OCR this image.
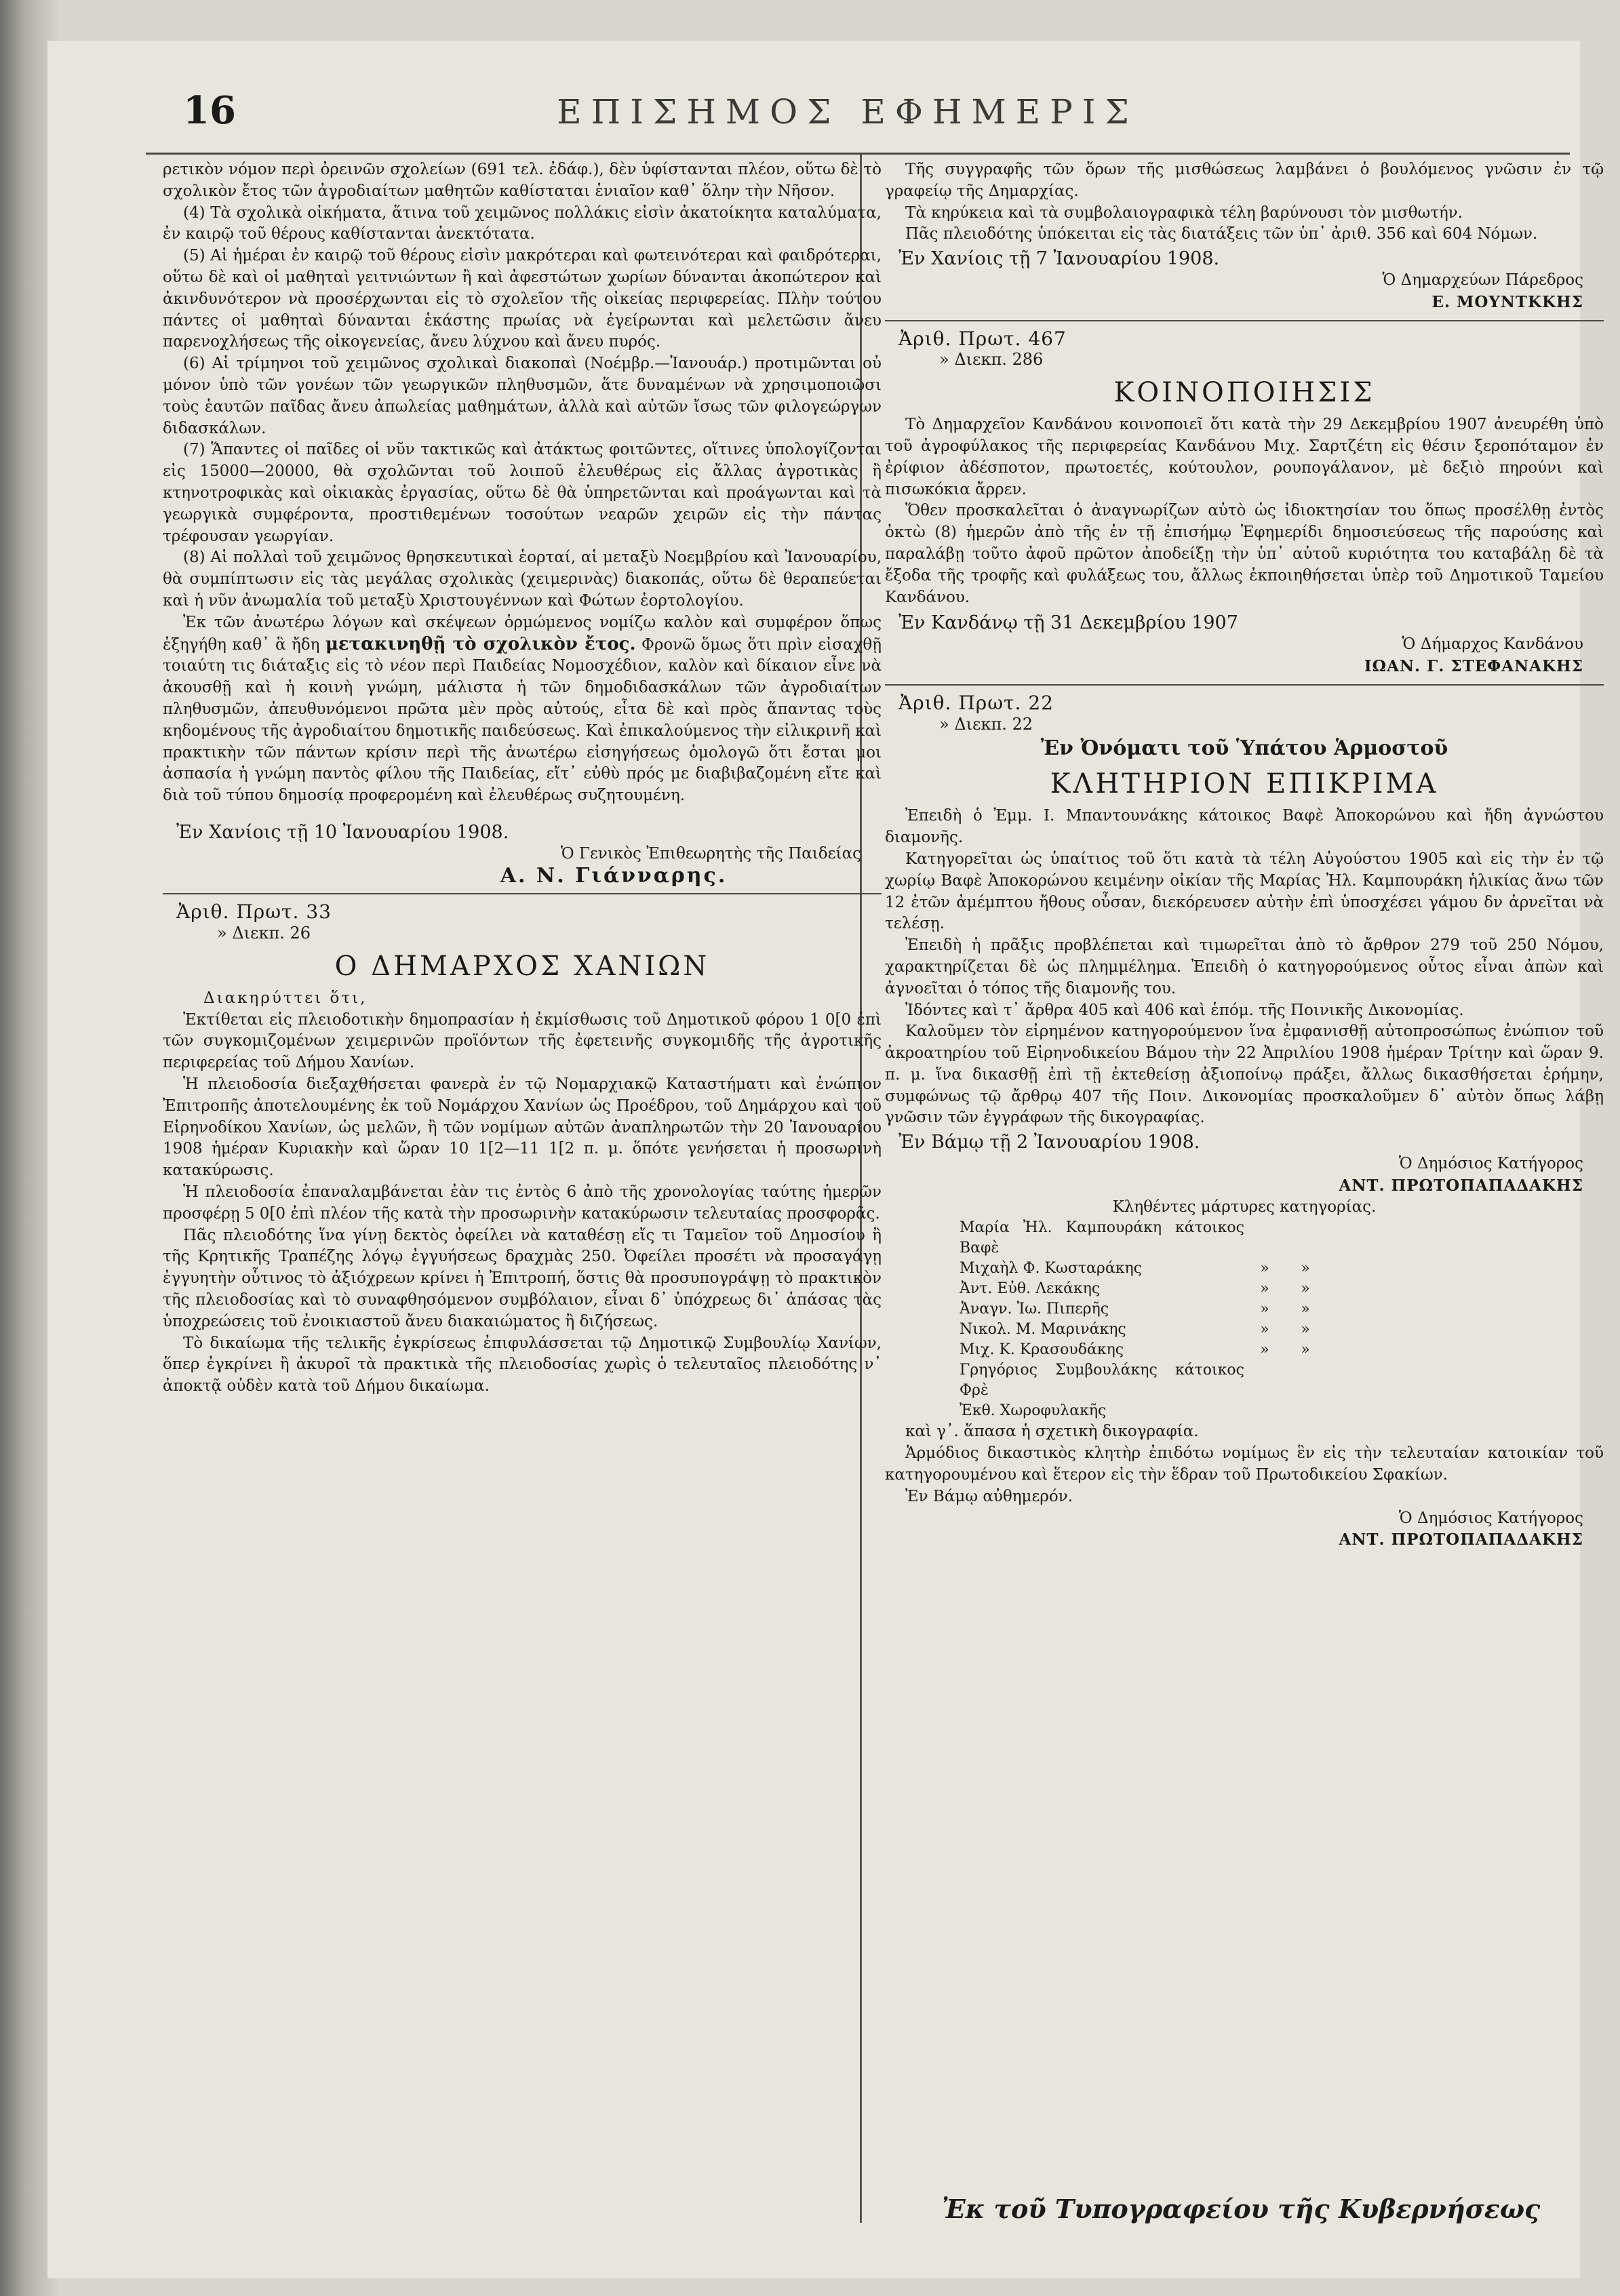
16	ΕΠΙΣΗΜΟΣ ΕΦΗΜΕΡΙΣ

ρετικὸν νόμον περὶ ὀρεινῶν σχολείων (691 τελ. ἐδάφ.), δὲν ὑφίστανται πλέον, οὕτω δὲ τὸ σχολικὸν ἔτος τῶν ἀγροδιαίτων μαθητῶν καθίσταται ἑνιαῖον καθ᾽ ὅλην τὴν Νῆσον.

(4) Τὰ σχολικὰ οἰκήματα, ἅτινα τοῦ χειμῶνος πολλάκις εἰσὶν ἀκατοίκητα καταλύματα, ἐν καιρῷ τοῦ θέρους καθίστανται ἀνεκτότατα.

(5) Αἱ ἡμέραι ἐν καιρῷ τοῦ θέρους εἰσὶν μακρότεραι καὶ φωτεινότεραι καὶ φαιδρότεραι, οὕτω δὲ καὶ οἱ μαθηταὶ γειτνιώντων ἢ καὶ ἀφεστώτων χωρίων δύνανται ἀκοπώτερον καὶ ἀκινδυνότερον νὰ προσέρχωνται εἰς τὸ σχολεῖον τῆς οἰκείας περιφερείας. Πλὴν τούτου πάντες οἱ μαθηταὶ δύνανται ἑκάστης πρωίας νὰ ἐγείρωνται καὶ μελετῶσιν ἄνευ παρενοχλήσεως τῆς οἰκογενείας, ἄνευ λύχνου καὶ ἄνευ πυρός.

(6) Αἱ τρίμηνοι τοῦ χειμῶνος σχολικαὶ διακοπαὶ (Νοέμβρ.—Ἰανουάρ.) προτιμῶνται οὐ μόνον ὑπὸ τῶν γονέων τῶν γεωργικῶν πληθυσμῶν, ἅτε δυναμένων νὰ χρησιμοποιῶσι τοὺς ἑαυτῶν παῖδας ἄνευ ἀπωλείας μαθημάτων, ἀλλὰ καὶ αὐτῶν ἴσως τῶν φιλογεώργων διδασκάλων.

(7) Ἅπαντες οἱ παῖδες οἱ νῦν τακτικῶς καὶ ἀτάκτως φοιτῶντες, οἵτινες ὑπολογίζονται εἰς 15000—20000, θὰ σχολῶνται τοῦ λοιποῦ ἐλευθέρως εἰς ἄλλας ἀγροτικὰς ἢ κτηνοτροφικὰς καὶ οἰκιακὰς ἐργασίας, οὕτω δὲ θὰ ὑπηρετῶνται καὶ προάγωνται καὶ τὰ γεωργικὰ συμφέροντα, προστιθεμένων τοσούτων νεαρῶν χειρῶν εἰς τὴν πάντας τρέφουσαν γεωργίαν.

(8) Αἱ πολλαὶ τοῦ χειμῶνος θρησκευτικαὶ ἑορταί, αἱ μεταξὺ Νοεμβρίου καὶ Ἰανουαρίου, θὰ συμπίπτωσιν εἰς τὰς μεγάλας σχολικὰς (χειμερινὰς) διακοπάς, οὕτω δὲ θεραπεύεται καὶ ἡ νῦν ἀνωμαλία τοῦ μεταξὺ Χριστουγέννων καὶ Φώτων ἑορτολογίου.

Ἐκ τῶν ἀνωτέρω λόγων καὶ σκέψεων ὁρμώμενος νομίζω καλὸν καὶ συμφέρον ὅπως ἐξηγήθη καθ᾽ ἃ ἤδη μετακινηθῇ τὸ σχολικὸν ἔτος. Φρονῶ ὅμως ὅτι πρὶν εἰσαχθῇ τοιαύτη τις διάταξις εἰς τὸ νέον περὶ Παιδείας Νομοσχέδιον, καλὸν καὶ δίκαιον εἶνε νὰ ἀκουσθῇ καὶ ἡ κοινὴ γνώμη, μάλιστα ἡ τῶν δημοδιδασκάλων τῶν ἀγροδιαίτων πληθυσμῶν, ἀπευθυνόμενοι πρῶτα μὲν πρὸς αὐτούς, εἶτα δὲ καὶ πρὸς ἅπαντας τοὺς κηδομένους τῆς ἀγροδιαίτου δημοτικῆς παιδεύσεως. Καὶ ἐπικαλούμενος τὴν εἰλικρινῆ καὶ πρακτικὴν τῶν πάντων κρίσιν περὶ τῆς ἀνωτέρω εἰσηγήσεως ὁμολογῶ ὅτι ἔσται μοι ἀσπασία ἡ γνώμη παντὸς φίλου τῆς Παιδείας, εἴτ᾽ εὐθὺ πρός με διαβιβαζομένη εἴτε καὶ διὰ τοῦ τύπου δημοσίᾳ προφερομένη καὶ ἐλευθέρως συζητουμένη.

Ἐν Χανίοις τῇ 10 Ἰανουαρίου 1908.

Ὁ Γενικὸς Ἐπιθεωρητὴς τῆς Παιδείας

Α. Ν. Γιάνναρης.

Ἀριθ. Πρωτ. 33

» Διεκπ. 26

Ο ΔΗΜΑΡΧΟΣ ΧΑΝΙΩΝ

Διακηρύττει ὅτι,

Ἐκτίθεται εἰς πλειοδοτικὴν δημοπρασίαν ἡ ἐκμίσθωσις τοῦ Δημοτικοῦ φόρου 1 0[0 ἐπὶ τῶν συγκομιζομένων χειμερινῶν προϊόντων τῆς ἐφετεινῆς συγκομιδῆς τῆς ἀγροτικῆς περιφερείας τοῦ Δήμου Χανίων.

Ἡ πλειοδοσία διεξαχθήσεται φανερὰ ἐν τῷ Νομαρχιακῷ Καταστήματι καὶ ἐνώπιον Ἐπιτροπῆς ἀποτελουμένης ἐκ τοῦ Νομάρχου Χανίων ὡς Προέδρου, τοῦ Δημάρχου καὶ τοῦ Εἰρηνοδίκου Χανίων, ὡς μελῶν, ἢ τῶν νομίμων αὐτῶν ἀναπληρωτῶν τὴν 20 Ἰανουαρίου 1908 ἡμέραν Κυριακὴν καὶ ὥραν 10 1[2—11 1[2 π. μ. ὅπότε γενήσεται ἡ προσωρινὴ κατακύρωσις.

Ἡ πλειοδοσία ἐπαναλαμβάνεται ἐὰν τις ἐντὸς 6 ἀπὸ τῆς χρονολογίας ταύτης ἡμερῶν προσφέρῃ 5 0[0 ἐπὶ πλέον τῆς κατὰ τὴν προσωρινὴν κατακύρωσιν τελευταίας προσφορᾶς.

Πᾶς πλειοδότης ἵνα γίνῃ δεκτὸς ὀφείλει νὰ καταθέσῃ εἴς τι Ταμεῖον τοῦ Δημοσίου ἢ τῆς Κρητικῆς Τραπέζης λόγῳ ἐγγυήσεως δραχμὰς 250. Ὀφείλει προσέτι νὰ προσαγάγῃ ἐγγυητὴν οὗτινος τὸ ἀξιόχρεων κρίνει ἡ Ἐπιτροπή, ὅστις θὰ προσυπογράψῃ τὸ πρακτικὸν τῆς πλειοδοσίας καὶ τὸ συναφθησόμενον συμβόλαιον, εἶναι δ᾽ ὑπόχρεως δι᾽ ἁπάσας τὰς ὑποχρεώσεις τοῦ ἐνοικιαστοῦ ἄνευ διακαιώματος ἢ διζήσεως.

Τὸ δικαίωμα τῆς τελικῆς ἐγκρίσεως ἐπιφυλάσσεται τῷ Δημοτικῷ Συμβουλίῳ Χανίων, ὅπερ ἐγκρίνει ἢ ἀκυροῖ τὰ πρακτικὰ τῆς πλειοδοσίας χωρὶς ὁ τελευταῖος πλειοδότης ν᾽ ἀποκτᾷ οὐδὲν κατὰ τοῦ Δήμου δικαίωμα.

Τῆς συγγραφῆς τῶν ὅρων τῆς μισθώσεως λαμβάνει ὁ βουλόμενος γνῶσιν ἐν τῷ γραφείῳ τῆς Δημαρχίας.

Τὰ κηρύκεια καὶ τὰ συμβολαιογραφικὰ τέλη βαρύνουσι τὸν μισθωτήν.

Πᾶς πλειοδότης ὑπόκειται εἰς τὰς διατάξεις τῶν ὑπ᾽ ἀριθ. 356 καὶ 604 Νόμων.

Ἐν Χανίοις τῇ 7 Ἰανουαρίου 1908.

Ὁ Δημαρχεύων Πάρεδρος

Ε. ΜΟΥΝΤΚΚΗΣ

Ἀριθ. Πρωτ. 467

» Διεκπ. 286

ΚΟΙΝΟΠΟΙΗΣΙΣ

Τὸ Δημαρχεῖον Κανδάνου κοινοποιεῖ ὅτι κατὰ τὴν 29 Δεκεμβρίου 1907 ἀνευρέθη ὑπὸ τοῦ ἀγροφύλακος τῆς περιφερείας Κανδάνου Μιχ. Σαρτζέτη εἰς θέσιν ξεροπόταμον ἐν ἐρίφιον ἀδέσποτον, πρωτοετές, κούτουλον, ρουπογάλανον, μὲ δεξιὸ πηρούνι καὶ πισωκόκια ἄρρεν.

Ὅθεν προσκαλεῖται ὁ ἀναγνωρίζων αὐτὸ ὡς ἰδιοκτησίαν του ὅπως προσέλθῃ ἐντὸς ὀκτὼ (8) ἡμερῶν ἀπὸ τῆς ἐν τῇ ἐπισήμῳ Ἐφημερίδι δημοσιεύσεως τῆς παρούσης καὶ παραλάβῃ τοῦτο ἀφοῦ πρῶτον ἀποδείξῃ τὴν ὑπ᾽ αὐτοῦ κυριότητα του καταβάλῃ δὲ τὰ ἔξοδα τῆς τροφῆς καὶ φυλάξεως του, ἄλλως ἐκποιηθήσεται ὑπὲρ τοῦ Δημοτικοῦ Ταμείου Κανδάνου.

Ἐν Κανδάνῳ τῇ 31 Δεκεμβρίου 1907

Ὁ Δήμαρχος Κανδάνου

ΙΩΑΝ. Γ. ΣΤΕΦΑΝΑΚΗΣ

Ἀριθ. Πρωτ. 22

» Διεκπ. 22

Ἐν Ὀνόματι τοῦ Ὑπάτου Ἁρμοστοῦ

ΚΛΗΤΗΡΙΟΝ ΕΠΙΚΡΙΜΑ

Ἐπειδὴ ὁ Ἐμμ. Ι. Μπαντουνάκης κάτοικος Βαφὲ Ἀποκορώνου καὶ ἤδη ἀγνώστου διαμονῆς.

Κατηγορεῖται ὡς ὑπαίτιος τοῦ ὅτι κατὰ τὰ τέλη Αὐγούστου 1905 καὶ εἰς τὴν ἐν τῷ χωρίῳ Βαφὲ Ἀποκορώνου κειμένην οἰκίαν τῆς Μαρίας Ἠλ. Καμπουράκη ἡλικίας ἄνω τῶν 12 ἐτῶν ἀμέμπτου ἤθους οὖσαν, διεκόρευσεν αὐτὴν ἐπὶ ὑποσχέσει γάμου δν ἀρνεῖται νὰ τελέσῃ.

Ἐπειδὴ ἡ πρᾶξις προβλέπεται καὶ τιμωρεῖται ἀπὸ τὸ ἄρθρον 279 τοῦ 250 Νόμου, χαρακτηρίζεται δὲ ὡς πλημμέλημα. Ἐπειδὴ ὁ κατηγορούμενος οὗτος εἶναι ἀπὼν καὶ ἀγνοεῖται ὁ τόπος τῆς διαμονῆς του.

Ἰδόντες καὶ τ᾽ ἄρθρα 405 καὶ 406 καὶ ἑπόμ. τῆς Ποινικῆς Δικονομίας.

Καλοῦμεν τὸν εἰρημένον κατηγορούμενον ἵνα ἐμφανισθῇ αὐτοπροσώπως ἐνώπιον τοῦ ἀκροατηρίου τοῦ Εἰρηνοδικείου Βάμου τὴν 22 Ἀπριλίου 1908 ἡμέραν Τρίτην καὶ ὥραν 9. π. μ. ἵνα δικασθῇ ἐπὶ τῇ ἐκτεθείσῃ ἀξιοποίνῳ πράξει, ἄλλως δικασθήσεται ἐρήμην, συμφώνως τῷ ἄρθρῳ 407 τῆς Ποιν. Δικονομίας προσκαλοῦμεν δ᾽ αὐτὸν ὅπως λάβῃ γνῶσιν τῶν ἐγγράφων τῆς δικογραφίας.

Ἐν Βάμῳ τῇ 2 Ἰανουαρίου 1908.

Ὁ Δημόσιος Κατήγορος

ΑΝΤ. ΠΡΩΤΟΠΑΠΑΔΑΚΗΣ

Κληθέντες μάρτυρες κατηγορίας.

Μαρία Ἠλ. Καμπουράκη κάτοικος Βαφὲ
Μιχαὴλ Φ. Κωσταράκης	»	»
Ἀντ. Εὐθ. Λεκάκης	»	»
Ἀναγν. Ἰω. Πιπερῆς	»	»
Νικολ. Μ. Μαρινάκης	»	»
Μιχ. Κ. Κρασουδάκης	»	»
Γρηγόριος Συμβουλάκης κάτοικος Φρὲ
Ἐκθ. Χωροφυλακῆς

καὶ γ᾽. ἅπασα ἡ σχετικὴ δικογραφία.

Ἁρμόδιος δικαστικὸς κλητὴρ ἐπιδότω νομίμως ἓν εἰς τὴν τελευταίαν κατοικίαν τοῦ κατηγορουμένου καὶ ἕτερον εἰς τὴν ἕδραν τοῦ Πρωτοδικείου Σφακίων.

Ἐν Βάμῳ αὐθημερόν.

Ὁ Δημόσιος Κατήγορος

ΑΝΤ. ΠΡΩΤΟΠΑΠΑΔΑΚΗΣ

Ἐκ τοῦ Τυπογραφείου τῆς Κυβερνήσεως
